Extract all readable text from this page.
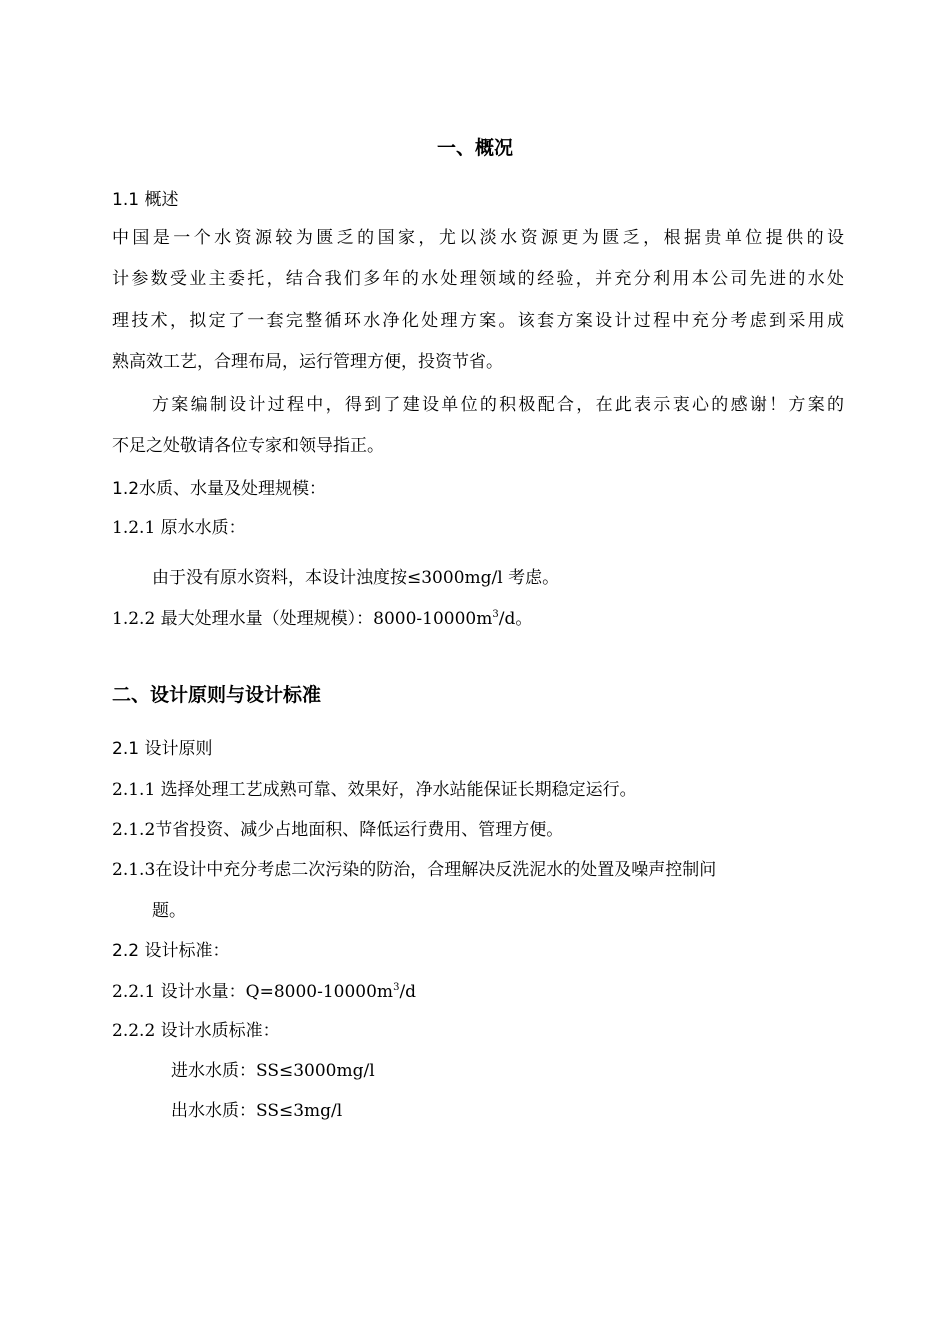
一、概况
1.1 概述
中国是一个水资源较为匮乏的国家，尤以淡水资源更为匮乏，根据贵单位提供的设
计参数受业主委托，结合我们多年的水处理领域的经验，并充分利用本公司先进的水处
理技术，拟定了一套完整循环水净化处理方案。该套方案设计过程中充分考虑到采用成
熟高效工艺，合理布局，运行管理方便，投资节省。
方案编制设计过程中，得到了建设单位的积极配合，在此表示衷心的感谢！方案的
不足之处敬请各位专家和领导指正。
1.2水质、水量及处理规模：
1.2.1 原水水质：
由于没有原水资料，本设计浊度按≤3000mg/l 考虑。
1.2.2 最大处理水量（处理规模）：$8000-10000m^3/d$。
二、设计原则与设计标准
2.1 设计原则
2.1.1 选择处理工艺成熟可靠、效果好，净水站能保证长期稳定运行。
2.1.2节省投资、减少占地面积、降低运行费用、管理方便。
2.1.3在设计中充分考虑二次污染的防治，合理解决反洗泥水的处置及噪声控制问
题。
2.2 设计标准：
2.2.1 设计水量：$Q=8000-10000m^3/d$
2.2.2 设计水质标准：
进水水质：SS≤3000mg/l
出水水质：SS≤3mg/l
